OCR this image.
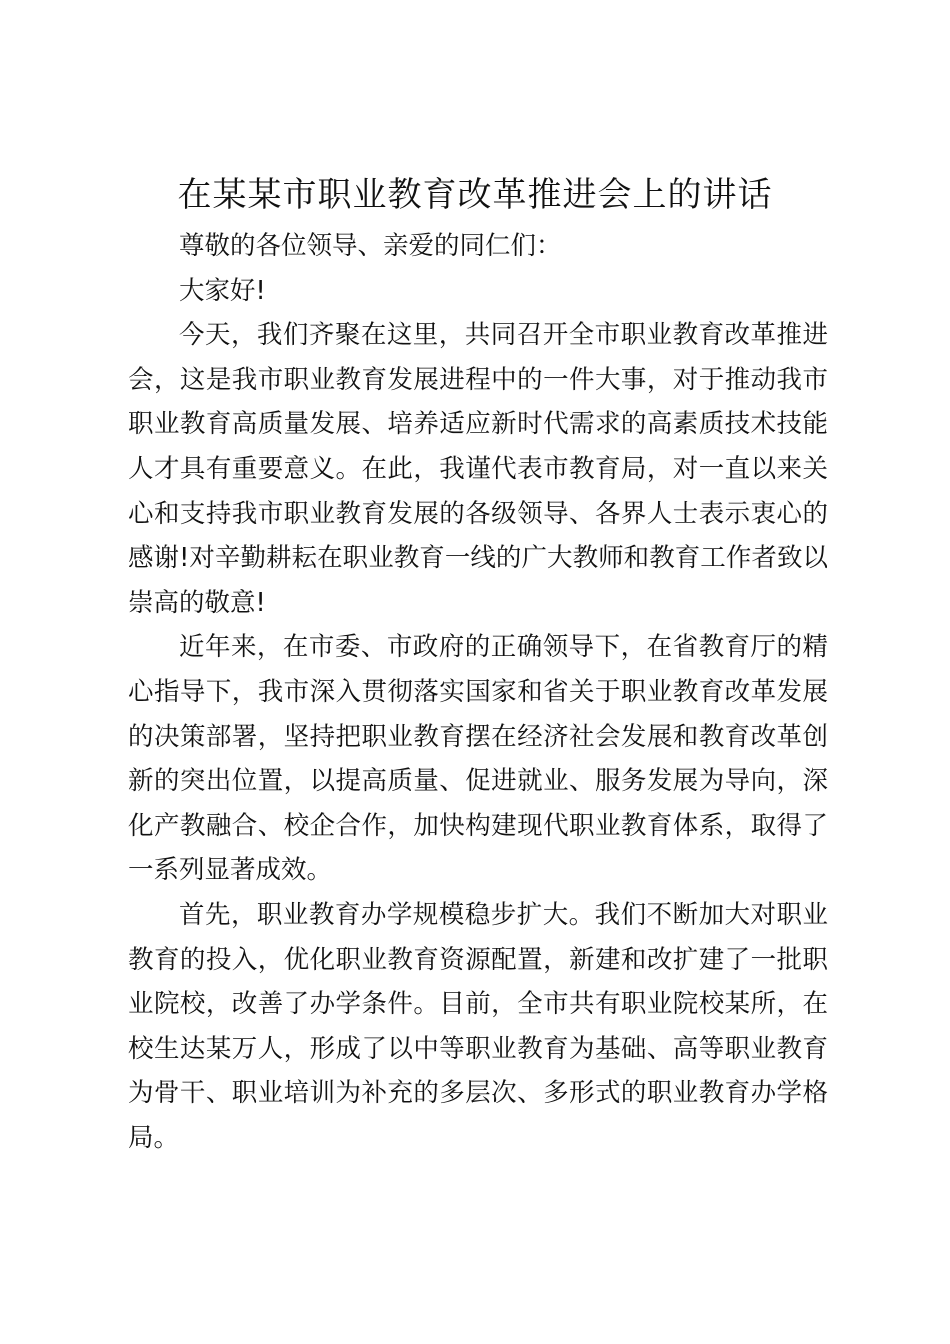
在某某市职业教育改革推进会上的讲话

尊敬的各位领导、亲爱的同仁们：

大家好!

今天，我们齐聚在这里，共同召开全市职业教育改革推进会，这是我市职业教育发展进程中的一件大事，对于推动我市职业教育高质量发展、培养适应新时代需求的高素质技术技能人才具有重要意义。在此，我谨代表市教育局，对一直以来关心和支持我市职业教育发展的各级领导、各界人士表示衷心的感谢!对辛勤耕耘在职业教育一线的广大教师和教育工作者致以崇高的敬意!

近年来，在市委、市政府的正确领导下，在省教育厅的精心指导下，我市深入贯彻落实国家和省关于职业教育改革发展的决策部署，坚持把职业教育摆在经济社会发展和教育改革创新的突出位置，以提高质量、促进就业、服务发展为导向，深化产教融合、校企合作，加快构建现代职业教育体系，取得了一系列显著成效。

首先，职业教育办学规模稳步扩大。我们不断加大对职业教育的投入，优化职业教育资源配置，新建和改扩建了一批职业院校，改善了办学条件。目前，全市共有职业院校某所，在校生达某万人，形成了以中等职业教育为基础、高等职业教育为骨干、职业培训为补充的多层次、多形式的职业教育办学格局。
